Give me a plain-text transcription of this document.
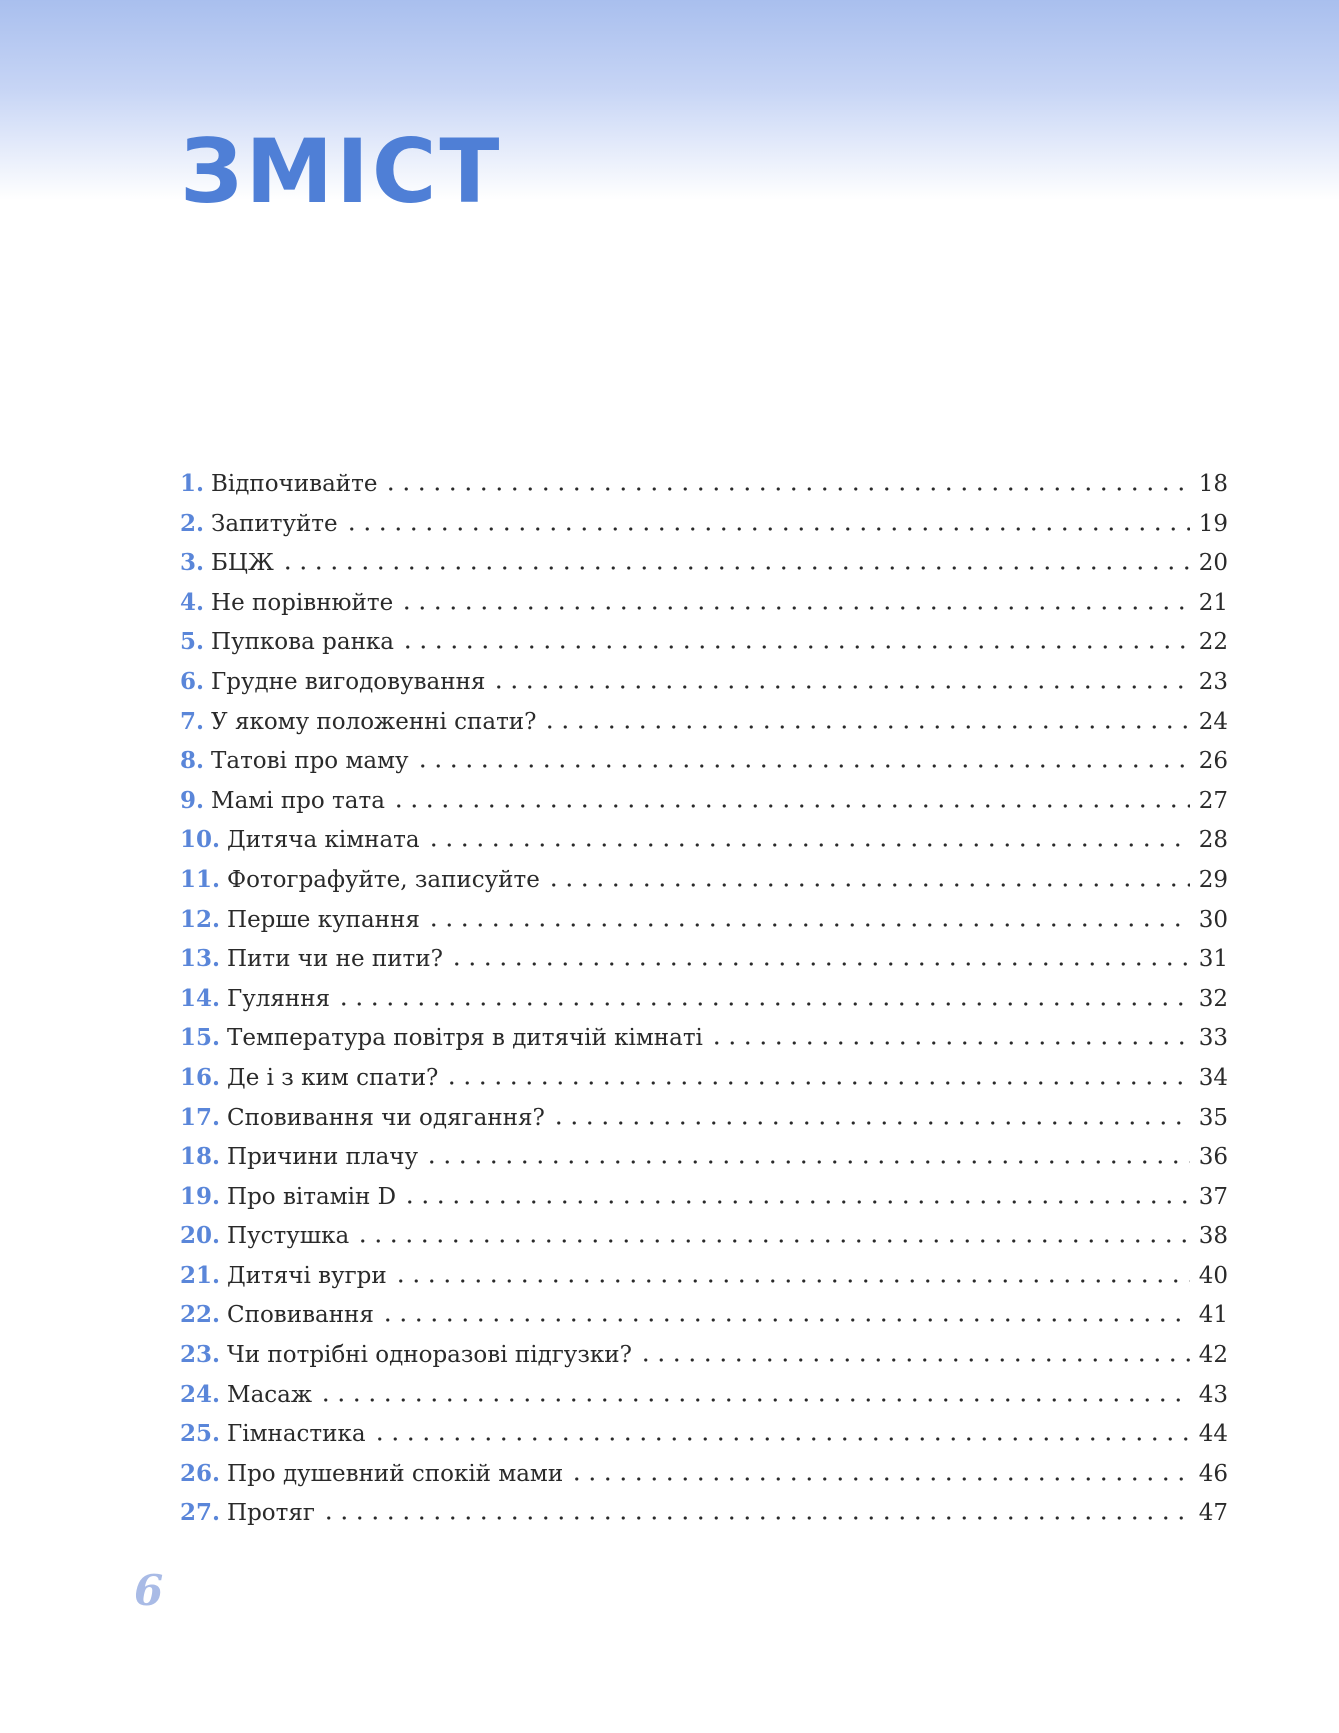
ЗМІСТ
1. Відпочивайте	18
2. Запитуйте	19
3. БЦЖ	20
4. Не порівнюйте	21
5. Пупкова ранка	22
6. Грудне вигодовування	23
7. У якому положенні спати?	24
8. Татові про маму	26
9. Мамі про тата	27
10. Дитяча кімната	28
11. Фотографуйте, записуйте	29
12. Перше купання	30
13. Пити чи не пити?	31
14. Гуляння	32
15. Температура повітря в дитячій кімнаті	33
16. Де і з ким спати?	34
17. Сповивання чи одягання?	35
18. Причини плачу	36
19. Про вітамін D	37
20. Пустушка	38
21. Дитячі вугри	40
22. Сповивання	41
23. Чи потрібні одноразові підгузки?	42
24. Масаж	43
25. Гімнастика	44
26. Про душевний спокій мами	46
27. Протяг	47
6
